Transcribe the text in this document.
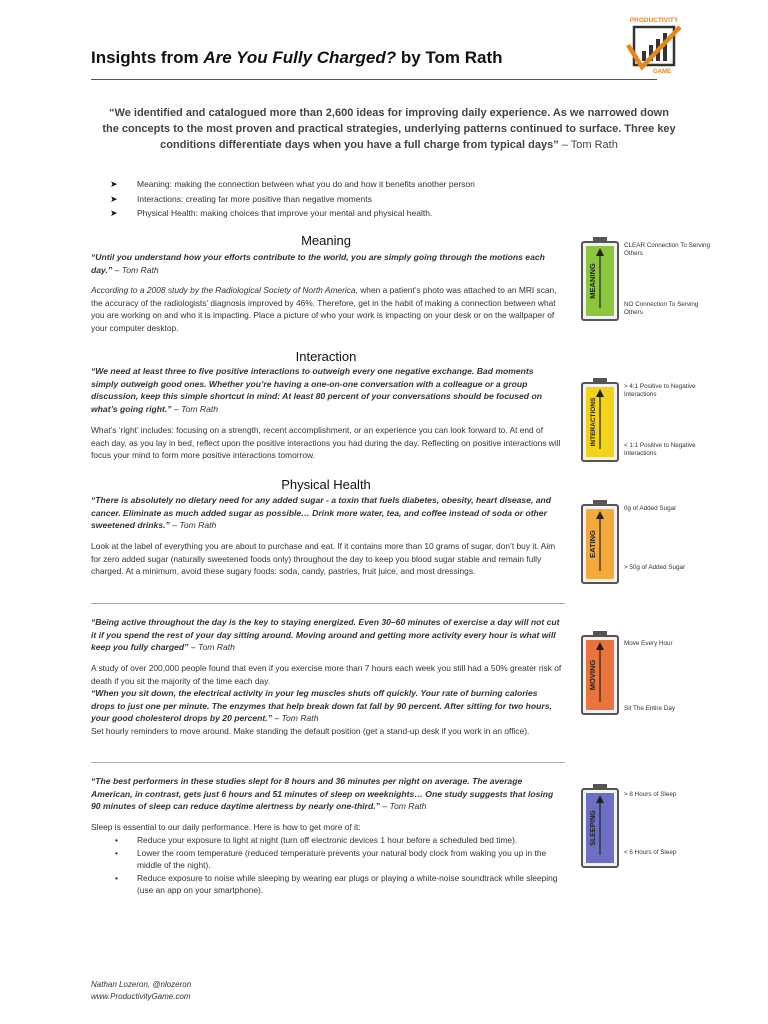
Insights from Are You Fully Charged? by Tom Rath
PRODUCTIVITY
GAME
“We identified and catalogued more than 2,600 ideas for improving daily experience. As we narrowed down the concepts to the most proven and practical strategies, underlying patterns continued to surface. Three key conditions differentiate days when you have a full charge from typical days” – Tom Rath
➤ Meaning: making the connection between what you do and how it benefits another person
➤ Interactions: creating far more positive than negative moments
➤ Physical Health: making choices that improve your mental and physical health.
Meaning
“Until you understand how your efforts contribute to the world, you are simply going through the motions each day.” – Tom Rath
According to a 2008 study by the Radiological Society of North America, when a patient’s photo was attached to an MRI scan, the accuracy of the radiologists’ diagnosis improved by 46%. Therefore, get in the habit of making a connection between what you are working on and who it is impacting. Place a picture of who your work is impacting on your desk or on the wallpaper of your computer desktop.
MEANING
CLEAR Connection To Serving Others
NO Connection To Serving Others
Interaction
“We need at least three to five positive interactions to outweigh every one negative exchange. Bad moments simply outweigh good ones. Whether you’re having a one-on-one conversation with a colleague or a group discussion, keep this simple shortcut in mind: At least 80 percent of your conversations should be focused on what’s going right.” – Tom Rath
What’s ‘right’ includes: focusing on a strength, recent accomplishment, or an experience you can look forward to. At end of each day, as you lay in bed, reflect upon the positive interactions you had during the day. Reflecting on positive interactions will focus your mind to form more positive interactions tomorrow.
INTERACTIONS
> 4:1 Positive to Negative Interactions
< 1:1 Positive to Negative Interactions
Physical Health
“There is absolutely no dietary need for any added sugar - a toxin that fuels diabetes, obesity, heart disease, and cancer. Eliminate as much added sugar as possible… Drink more water, tea, and coffee instead of soda or other sweetened drinks.” – Tom Rath
Look at the label of everything you are about to purchase and eat. If it contains more than 10 grams of sugar, don’t buy it. Aim for zero added sugar (naturally sweetened foods only) throughout the day to keep you blood sugar stable and remain fully charged. At a minimum, avoid these sugary foods: soda, candy, pastries, fruit juice, and most dressings.
EATING
0g of Added Sugar
> 50g of Added Sugar
“Being active throughout the day is the key to staying energized. Even 30–60 minutes of exercise a day will not cut it if you spend the rest of your day sitting around. Moving around and getting more activity every hour is what will keep you fully charged” – Tom Rath
A study of over 200,000 people found that even if you exercise more than 7 hours each week you still had a 50% greater risk of death if you sit the majority of the time each day.
“When you sit down, the electrical activity in your leg muscles shuts off quickly. Your rate of burning calories drops to just one per minute. The enzymes that help break down fat fall by 90 percent. After sitting for two hours, your good cholesterol drops by 20 percent.” – Tom Rath
Set hourly reminders to move around. Make standing the default position (get a stand-up desk if you work in an office).
MOVING
Move Every Hour
Sit The Entire Day
“The best performers in these studies slept for 8 hours and 36 minutes per night on average. The average American, in contrast, gets just 6 hours and 51 minutes of sleep on weeknights… One study suggests that losing 90 minutes of sleep can reduce daytime alertness by nearly one-third.” – Tom Rath
Sleep is essential to our daily performance. Here is how to get more of it:
• Reduce your exposure to light at night (turn off electronic devices 1 hour before a scheduled bed time).
• Lower the room temperature (reduced temperature prevents your natural body clock from waking you up in the middle of the night).
• Reduce exposure to noise while sleeping by wearing ear plugs or playing a white-noise soundtrack while sleeping (use an app on your smartphone).
SLEEPING
> 8 Hours of Sleep
< 6 Hours of Sleep
Nathan Lozeron, @nlozeron
www.ProductivityGame.com
